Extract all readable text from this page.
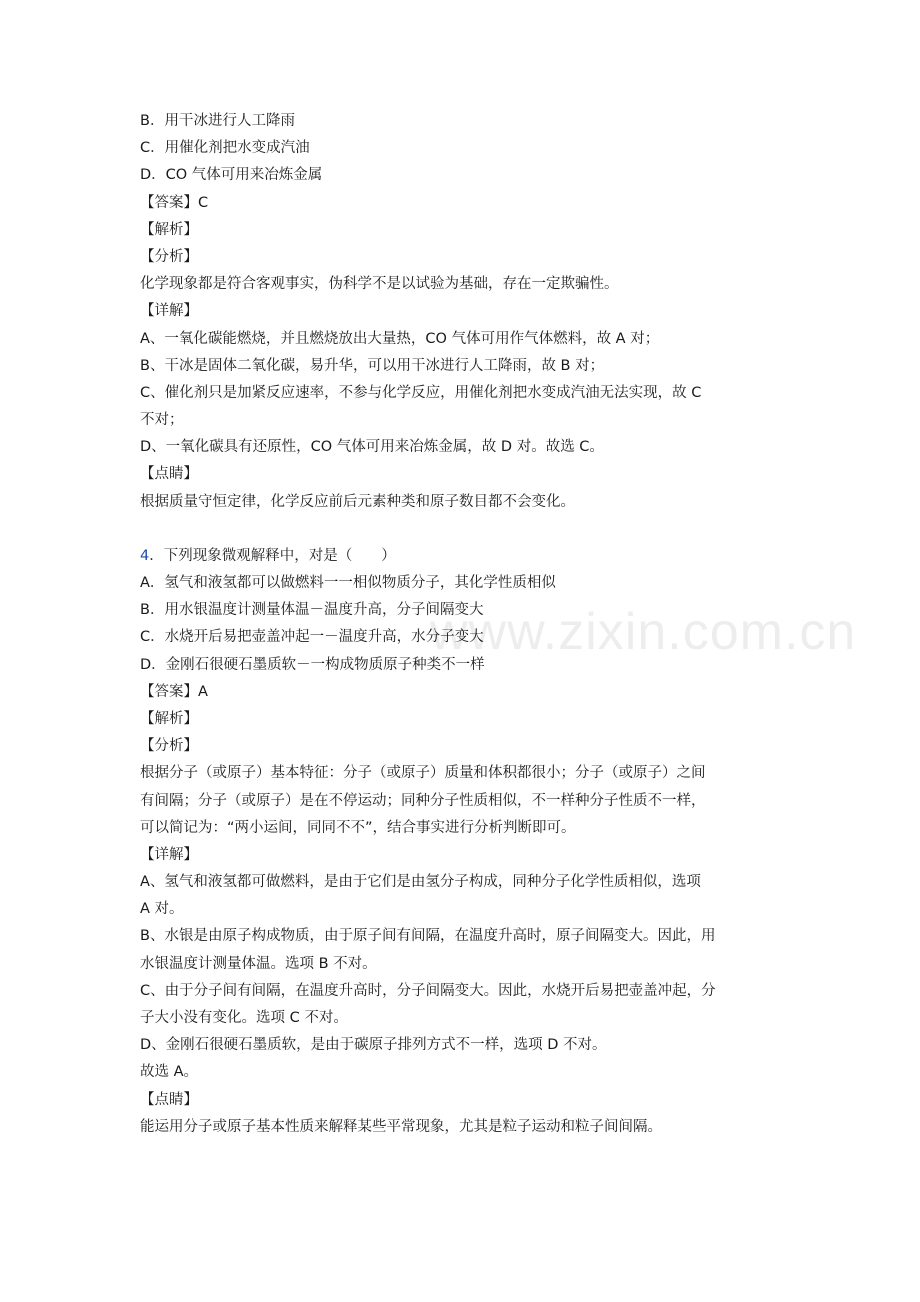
B．用干冰进行人工降雨
C．用催化剂把水变成汽油
D．CO 气体可用来冶炼金属
【答案】C
【解析】
【分析】
化学现象都是符合客观事实，伪科学不是以试验为基础，存在一定欺骗性。
【详解】
A、一氧化碳能燃烧，并且燃烧放出大量热，CO 气体可用作气体燃料，故 A 对；
B、干冰是固体二氧化碳，易升华，可以用干冰进行人工降雨，故 B 对；
C、催化剂只是加紧反应速率，不参与化学反应，用催化剂把水变成汽油无法实现，故 C
不对；
D、一氧化碳具有还原性，CO 气体可用来冶炼金属，故 D 对。故选 C。
【点睛】
根据质量守恒定律，化学反应前后元素种类和原子数目都不会变化。
4．下列现象微观解释中，对是（　　）
A．氢气和液氢都可以做燃料一一相似物质分子，其化学性质相似
B．用水银温度计测量体温－温度升高，分子间隔变大
C．水烧开后易把壶盖冲起一－温度升高，水分子变大
D．金刚石很硬石墨质软－一构成物质原子种类不一样
【答案】A
【解析】
【分析】
根据分子（或原子）基本特征：分子（或原子）质量和体积都很小；分子（或原子）之间
有间隔；分子（或原子）是在不停运动；同种分子性质相似，不一样种分子性质不一样，
可以简记为：“两小运间，同同不不”，结合事实进行分析判断即可。
【详解】
A、氢气和液氢都可做燃料，是由于它们是由氢分子构成，同种分子化学性质相似，选项
A 对。
B、水银是由原子构成物质，由于原子间有间隔，在温度升高时，原子间隔变大。因此，用
水银温度计测量体温。选项 B 不对。
C、由于分子间有间隔，在温度升高时，分子间隔变大。因此，水烧开后易把壶盖冲起，分
子大小没有变化。选项 C 不对。
D、金刚石很硬石墨质软，是由于碳原子排列方式不一样，选项 D 不对。
故选 A。
【点睛】
能运用分子或原子基本性质来解释某些平常现象，尤其是粒子运动和粒子间间隔。
www.zixin.com.cn
